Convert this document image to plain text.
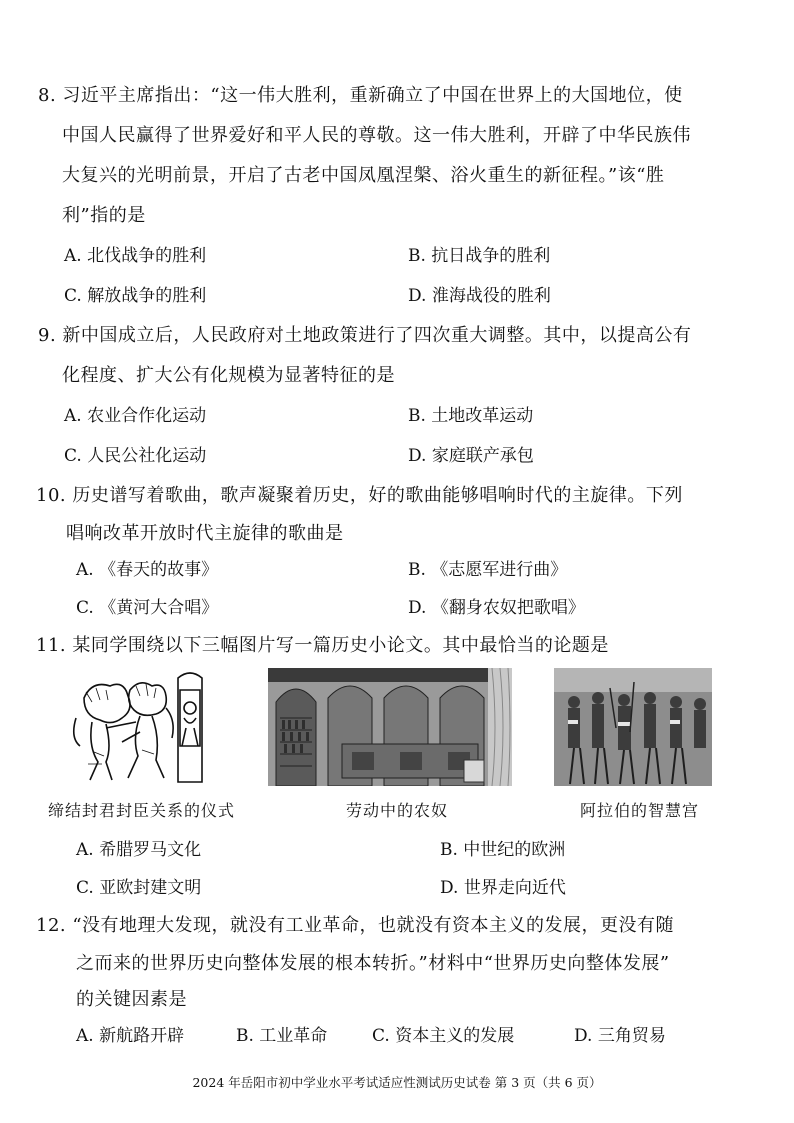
8. 习近平主席指出：“这一伟大胜利，重新确立了中国在世界上的大国地位，使
中国人民赢得了世界爱好和平人民的尊敬。这一伟大胜利，开辟了中华民族伟
大复兴的光明前景，开启了古老中国凤凰涅槃、浴火重生的新征程。”该“胜
利”指的是
A. 北伐战争的胜利	B. 抗日战争的胜利
C. 解放战争的胜利	D. 淮海战役的胜利
9. 新中国成立后，人民政府对土地政策进行了四次重大调整。其中，以提高公有
化程度、扩大公有化规模为显著特征的是
A. 农业合作化运动	B. 土地改革运动
C. 人民公社化运动	D. 家庭联产承包
10. 历史谱写着歌曲，歌声凝聚着历史，好的歌曲能够唱响时代的主旋律。下列
唱响改革开放时代主旋律的歌曲是
A. 《春天的故事》	B. 《志愿军进行曲》
C. 《黄河大合唱》	D. 《翻身农奴把歌唱》
11. 某同学围绕以下三幅图片写一篇历史小论文。其中最恰当的论题是
缔结封君封臣关系的仪式	劳动中的农奴	阿拉伯的智慧宫
A. 希腊罗马文化	B. 中世纪的欧洲
C. 亚欧封建文明	D. 世界走向近代
12. “没有地理大发现，就没有工业革命，也就没有资本主义的发展，更没有随
之而来的世界历史向整体发展的根本转折。”材料中“世界历史向整体发展”
的关键因素是
A. 新航路开辟	B. 工业革命	C. 资本主义的发展	D. 三角贸易
2024 年岳阳市初中学业水平考试适应性测试历史试卷 第 3 页（共 6 页）
